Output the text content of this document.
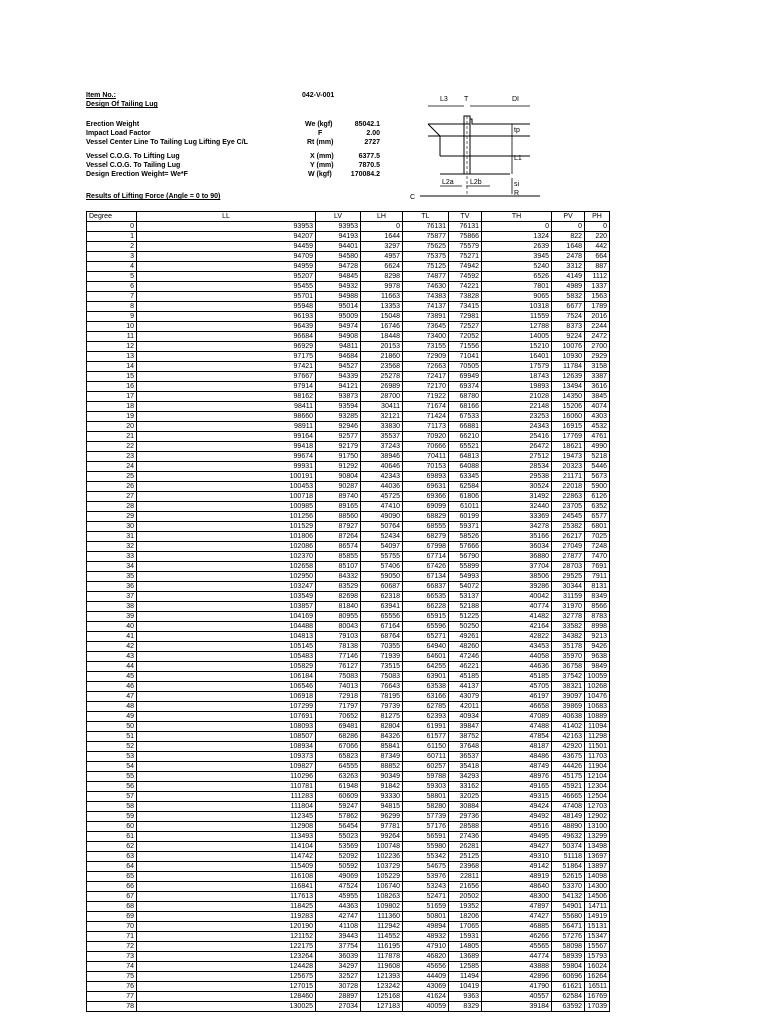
Item No.:	042-V-001
Design Of Tailing Lug
Erection Weight	We (kgf)	85042.1
Impact Load Factor	F	2.00
Vessel Center Line To Tailing Lug Lifting Eye C/L	Rt (mm)	2727
Vessel C.O.G. To Lifting Lug	X (mm)	6377.5
Vessel C.O.G. To Tailing Lug	Y (mm)	7870.5
Design Erection Weight= We*F	W (kgf)	170084.2
Results of Lifting Force (Angle = 0 to 90)
L3 T	DI
tp
L1
L2a L2b	si
R
C
Degree	LL	LV	LH	TL	TV	TH	PV	PH
0	93953	93953	0	76131	76131	0	0	0
1	94207	94193	1644	75877	75866	1324	822	220
2	94459	94401	3297	75625	75579	2639	1648	442
3	94709	94580	4957	75375	75271	3945	2478	664
4	94959	94728	6624	75125	74942	5240	3312	887
5	95207	94845	8298	74877	74592	6526	4149	1112
6	95455	94932	9978	74630	74221	7801	4989	1337
7	95701	94988	11663	74383	73828	9065	5832	1563
8	95948	95014	13353	74137	73415	10318	6677	1789
9	96193	95009	15048	73891	72981	11559	7524	2016
10	96439	94974	16746	73645	72527	12788	8373	2244
11	96684	94908	18448	73400	72052	14005	9224	2472
12	96929	94811	20153	73155	71556	15210	10076	2700
13	97175	94684	21860	72909	71041	16401	10930	2929
14	97421	94527	23568	72663	70505	17579	11784	3158
15	97667	94339	25278	72417	69949	18743	12639	3387
16	97914	94121	26989	72170	69374	19893	13494	3616
17	98162	93873	28700	71922	68780	21028	14350	3845
18	98411	93594	30411	71674	68166	22148	15206	4074
19	98660	93285	32121	71424	67533	23253	16060	4303
20	98911	92946	33830	71173	66881	24343	16915	4532
21	99164	92577	35537	70920	66210	25416	17769	4761
22	99418	92179	37243	70666	65521	26472	18621	4990
23	99674	91750	38946	70411	64813	27512	19473	5218
24	99931	91292	40646	70153	64088	28534	20323	5446
25	100191	90804	42343	69893	63345	29538	21171	5673
26	100453	90287	44036	69631	62584	30524	22018	5900
27	100718	89740	45725	69366	61806	31492	22863	6126
28	100985	89165	47410	69099	61011	32440	23705	6352
29	101256	88560	49090	68829	60199	33369	24545	6577
30	101529	87927	50764	68555	59371	34278	25382	6801
31	101806	87264	52434	68279	58526	35166	26217	7025
32	102086	86574	54097	67998	57666	36034	27049	7248
33	102370	85855	55755	67714	56790	36880	27877	7470
34	102658	85107	57406	67426	55899	37704	28703	7691
35	102950	84332	59050	67134	54993	38506	29525	7911
36	103247	83529	60687	66837	54072	39286	30344	8131
37	103549	82698	62318	66535	53137	40042	31159	8349
38	103857	81840	63941	66228	52188	40774	31970	8566
39	104169	80955	65556	65915	51225	41482	32778	8783
40	104488	80043	67164	65596	50250	42164	33582	8998
41	104813	79103	68764	65271	49261	42822	34382	9213
42	105145	78138	70355	64940	48260	43453	35178	9426
43	105483	77146	71939	64601	47246	44058	35970	9638
44	105829	76127	73515	64255	46221	44636	36758	9849
45	106184	75083	75083	63901	45185	45185	37542	10059
46	106546	74013	76643	63538	44137	45705	38321	10268
47	106918	72918	78195	63166	43079	46197	39097	10476
48	107299	71797	79739	62785	42011	46658	39869	10683
49	107691	70652	81275	62393	40934	47089	40638	10889
50	108093	69481	82804	61991	39847	47488	41402	11094
51	108507	68286	84326	61577	38752	47854	42163	11298
52	108934	67066	85841	61150	37648	48187	42920	11501
53	109373	65823	87349	60711	36537	48486	43675	11703
54	109827	64555	88852	60257	35418	48749	44426	11904
55	110296	63263	90349	59788	34293	48976	45175	12104
56	110781	61948	91842	59303	33162	49165	45921	12304
57	111283	60609	93330	58801	32025	49315	46665	12504
58	111804	59247	94815	58280	30884	49424	47408	12703
59	112345	57862	96299	57739	29736	49492	48149	12902
60	112908	56454	97781	57176	28588	49516	48890	13100
61	113493	55023	99264	56591	27436	49495	49632	13299
62	114104	53569	100748	55980	26281	49427	50374	13498
63	114742	52092	102236	55342	25125	49310	51118	13697
64	115409	50592	103729	54675	23968	49142	51864	13897
65	116108	49069	105229	53976	22811	48919	52615	14098
66	116841	47524	106740	53243	21656	48640	53370	14300
67	117613	45955	108263	52471	20502	48300	54132	14506
68	118425	44363	109802	51659	19352	47897	54901	14711
69	119283	42747	111360	50801	18206	47427	55680	14919
70	120190	41108	112942	49894	17065	46885	56471	15131
71	121152	39443	114552	48932	15931	46266	57276	15347
72	122175	37754	116195	47910	14805	45565	58098	15567
73	123264	36039	117878	46820	13689	44774	58939	15793
74	124428	34297	119608	45656	12585	43888	59804	16024
75	125675	32527	121393	44409	11494	42896	60696	16264
76	127015	30728	123242	43069	10419	41790	61621	16511
77	128460	28897	125168	41624	9363	40557	62584	16769
78	130025	27034	127183	40059	8329	39184	63592	17039
